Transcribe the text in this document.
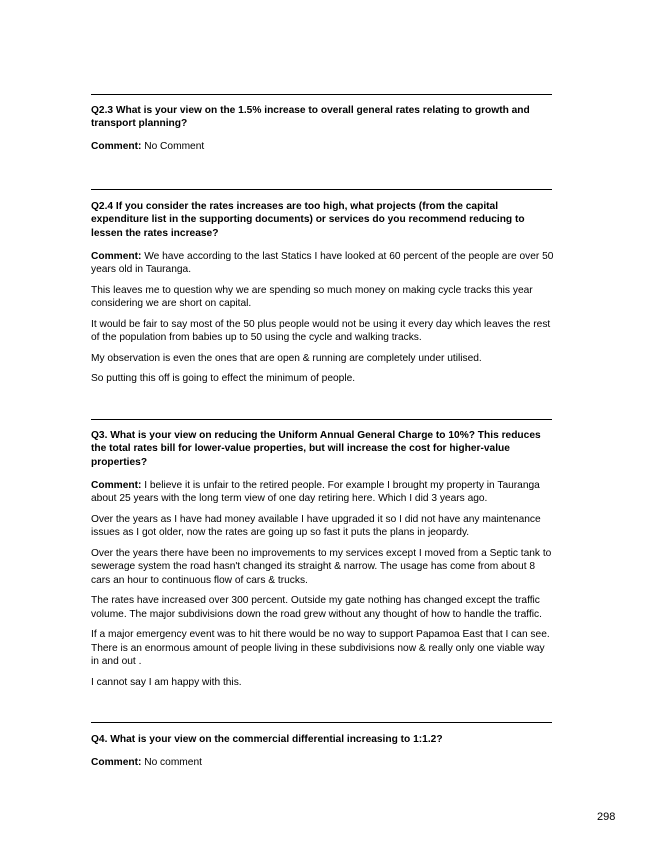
Q2.3 What is your view on the 1.5% increase to overall general rates relating to growth and transport planning?

Comment: No Comment

Q2.4 If you consider the rates increases are too high, what projects (from the capital expenditure list in the supporting documents) or services do you recommend reducing to lessen the rates increase?

Comment: We have according to the last Statics I have looked at 60 percent of the people are over 50 years old in Tauranga.

This leaves me to question why we are spending so much money on making cycle tracks this year considering we are short on capital.

It would be fair to say most of the 50 plus people would not be using it every day which leaves the rest of the population from babies up to 50 using the cycle and walking tracks.

My observation is even the ones that are open & running are completely under utilised.

So putting this off is going to effect the minimum of people.

Q3. What is your view on reducing the Uniform Annual General Charge to 10%? This reduces the total rates bill for lower-value properties, but will increase the cost for higher-value properties?

Comment: I believe it is unfair to the retired people. For example I brought my property in Tauranga about 25 years with the long term view of one day retiring here. Which I did 3 years ago.

Over the years as I have had money available I have upgraded it so I did not have any maintenance issues as I got older, now the rates are going up so fast it puts the plans in jeopardy.

Over the years there have been no improvements to my services except I moved from a Septic tank to sewerage system the road hasn't changed its straight & narrow. The usage has come from about 8 cars an hour to continuous flow of cars & trucks.

The rates have increased over 300 percent. Outside my gate nothing has changed except the traffic volume. The major subdivisions down the road grew without any thought of how to handle the traffic.

If a major emergency event was to hit there would be no way to support Papamoa East that I can see. There is an enormous amount of people living in these subdivisions now & really only one viable way in and out .

I cannot say I am happy with this.

Q4. What is your view on the commercial differential increasing to 1:1.2?

Comment: No comment

298
